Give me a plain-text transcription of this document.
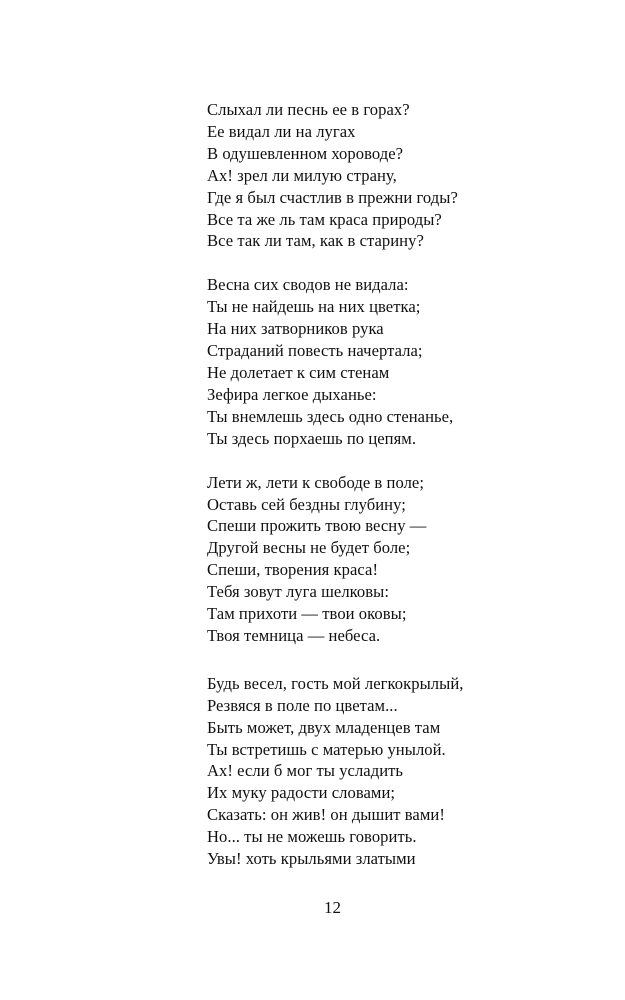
Слыхал ли песнь ее в горах?
Ее видал ли на лугах
В одушевленном хороводе?
Ах! зрел ли милую страну,
Где я был счастлив в прежни годы?
Все та же ль там краса природы?
Все так ли там, как в старину?
Весна сих сводов не видала:
Ты не найдешь на них цветка;
На них затворников рука
Страданий повесть начертала;
Не долетает к сим стенам
Зефира легкое дыханье:
Ты внемлешь здесь одно стенанье,
Ты здесь порхаешь по цепям.
Лети ж, лети к свободе в поле;
Оставь сей бездны глубину;
Спеши прожить твою весну —
Другой весны не будет боле;
Спеши, творения краса!
Тебя зовут луга шелковы:
Там прихоти — твои оковы;
Твоя темница — небеса.
Будь весел, гость мой легкокрылый,
Резвяся в поле по цветам...
Быть может, двух младенцев там
Ты встретишь с матерью унылой.
Ах! если б мог ты усладить
Их муку радости словами;
Сказать: он жив! он дышит вами!
Но... ты не можешь говорить.
Увы! хоть крыльями златыми
12
